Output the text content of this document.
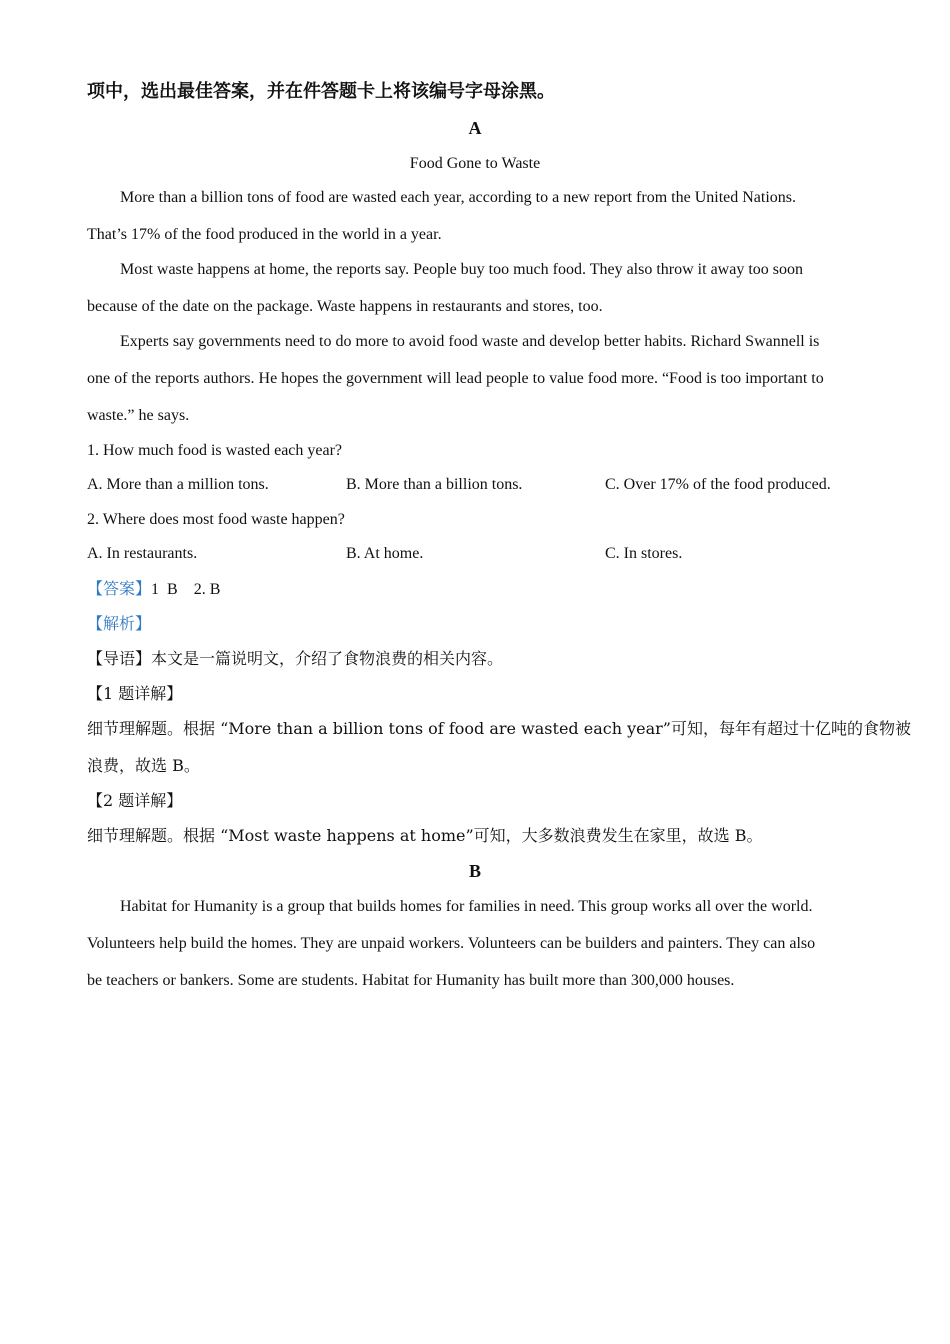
项中，选出最佳答案，并在件答题卡上将该编号字母涂黑。
A
Food Gone to Waste
More than a billion tons of food are wasted each year, according to a new report from the United Nations.
That’s 17% of the food produced in the world in a year.
Most waste happens at home, the reports say. People buy too much food. They also throw it away too soon
because of the date on the package. Waste happens in restaurants and stores, too.
Experts say governments need to do more to avoid food waste and develop better habits. Richard Swannell is
one of the reports authors. He hopes the government will lead people to value food more. “Food is too important to
waste.” he says.
1. How much food is wasted each year?
A. More than a million tons.	B. More than a billion tons.	C. Over 17% of the food produced.
2. Where does most food waste happen?
A. In restaurants.	B. At home.	C. In stores.
【答案】1  B    2. B
【解析】
【导语】本文是一篇说明文，介绍了食物浪费的相关内容。
【1 题详解】
细节理解题。根据 “More than a billion tons of food are wasted each year”可知，每年有超过十亿吨的食物被
浪费，故选 B。
【2 题详解】
细节理解题。根据 “Most waste happens at home”可知，大多数浪费发生在家里，故选 B。
B
Habitat for Humanity is a group that builds homes for families in need. This group works all over the world.
Volunteers help build the homes. They are unpaid workers. Volunteers can be builders and painters. They can also
be teachers or bankers. Some are students. Habitat for Humanity has built more than 300,000 houses.
